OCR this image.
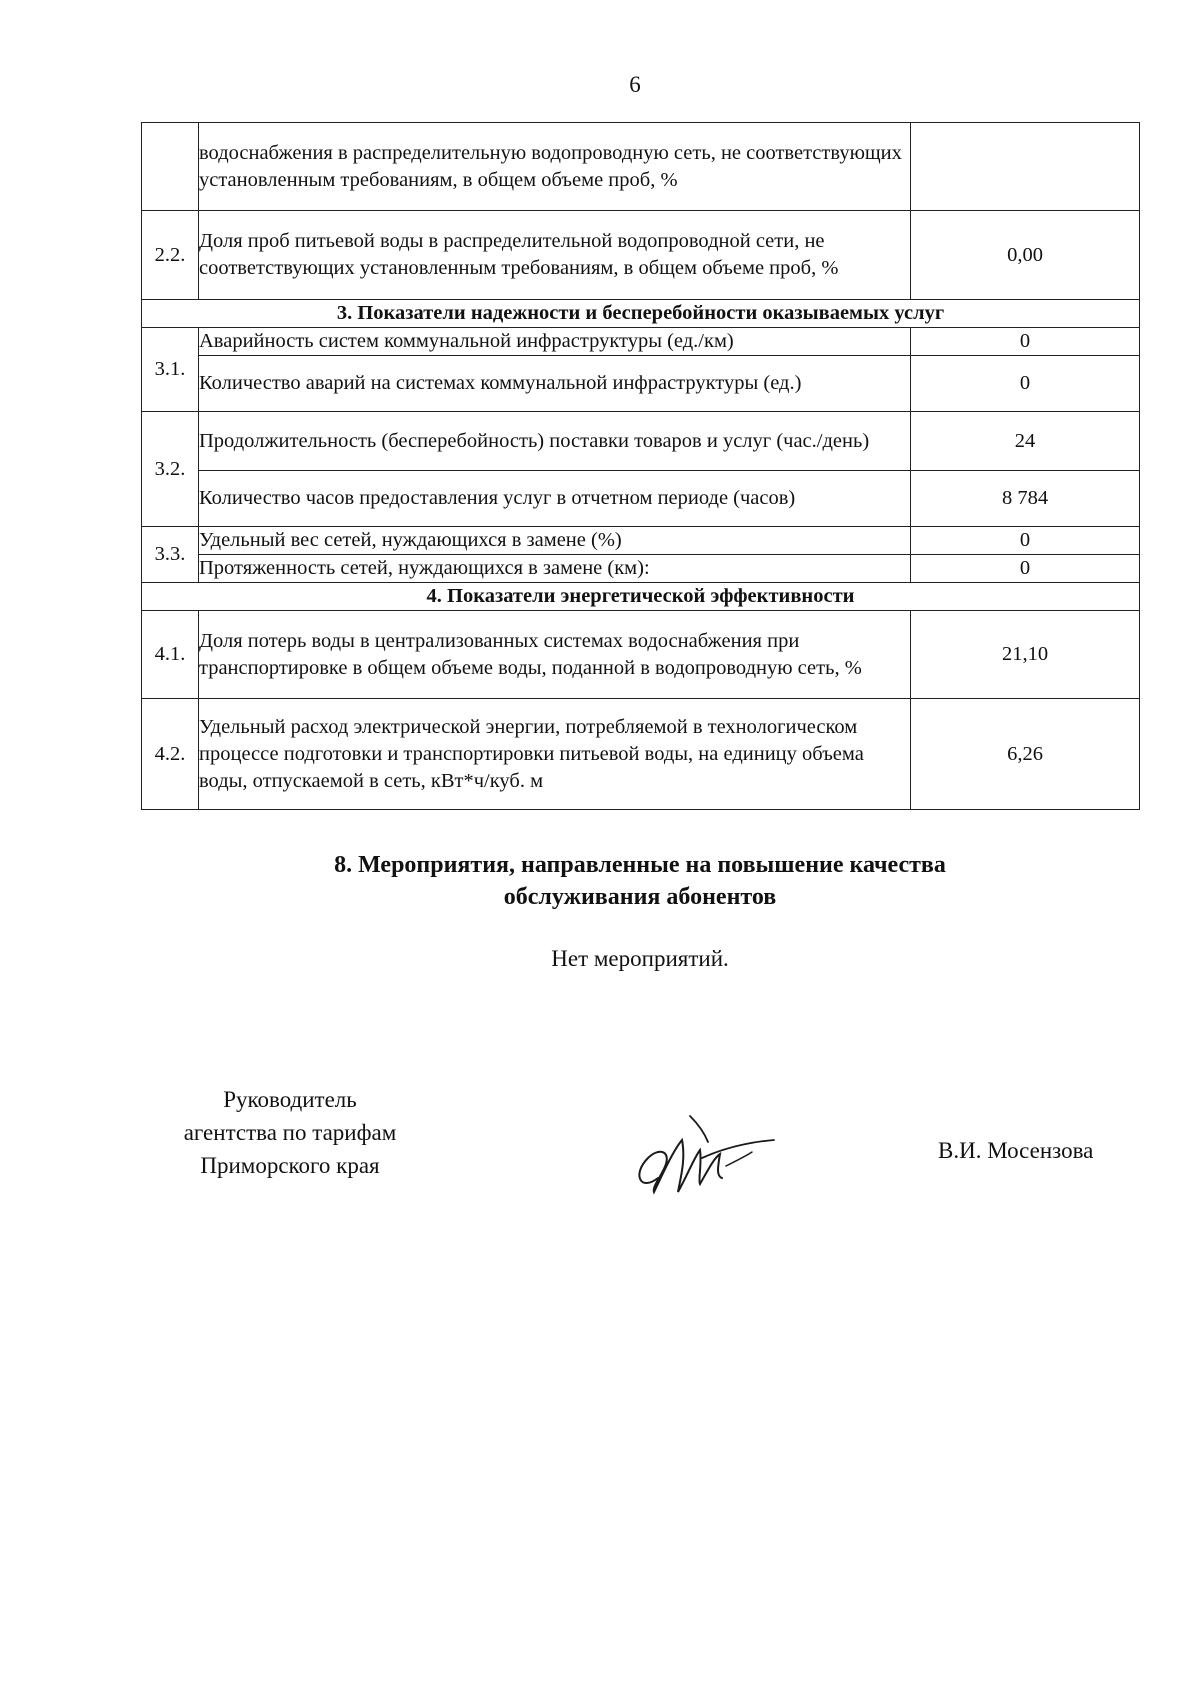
6
	водоснабжения в распределительную водопроводную сеть, не соответствующих установленным требованиям, в общем объеме проб, %	
2.2.	Доля проб питьевой воды в распределительной водопроводной сети, не соответствующих установленным требованиям, в общем объеме проб, %	0,00
3. Показатели надежности и бесперебойности оказываемых услуг		
3.1.	Аварийность систем коммунальной инфраструктуры (ед./км)	0
	Количество аварий на системах коммунальной инфраструктуры (ед.)	0
3.2.	Продолжительность (бесперебойность) поставки товаров и услуг (час./день)	24
	Количество часов предоставления услуг в отчетном периоде (часов)	8 784
3.3.	Удельный вес сетей, нуждающихся в замене (%)	0
	Протяженность сетей, нуждающихся в замене (км):	0
4. Показатели энергетической эффективности		
4.1.	Доля потерь воды в централизованных системах водоснабжения при транспортировке в общем объеме воды, поданной в водопроводную сеть, %	21,10
4.2.	Удельный расход электрической энергии, потребляемой в технологическом процессе подготовки и транспортировки питьевой воды, на единицу объема воды, отпускаемой в сеть, кВт*ч/куб. м	6,26
8. Мероприятия, направленные на повышение качества
обслуживания абонентов
Нет мероприятий.
Руководитель
агентства по тарифам
Приморского края
В.И. Мосензова
